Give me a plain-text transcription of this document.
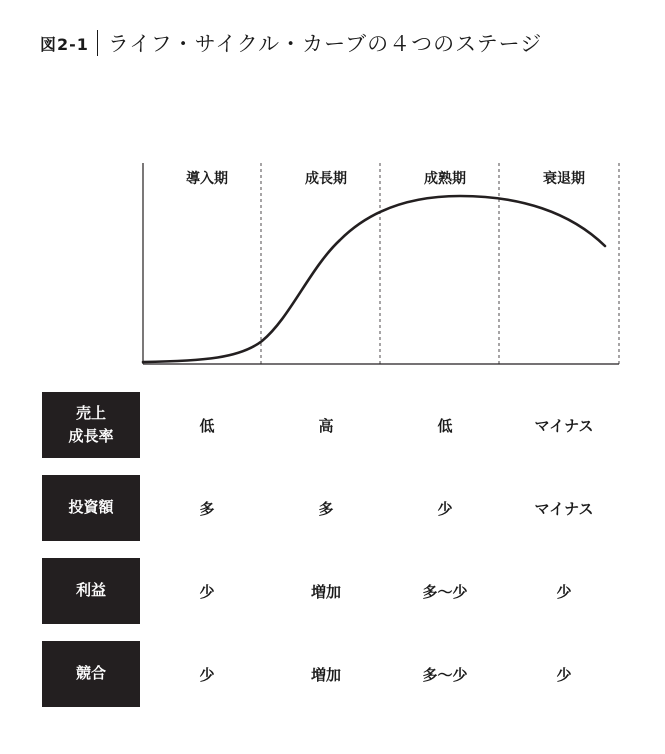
図2-1 ライフ・サイクル・カーブの４つのステージ
導入期	成長期	成熟期	衰退期
売上
成長率
低	高	低	マイナス
投資額	多	多	少	マイナス
利益	少	増加	多〜少	少
競合	少	増加	多〜少	少
